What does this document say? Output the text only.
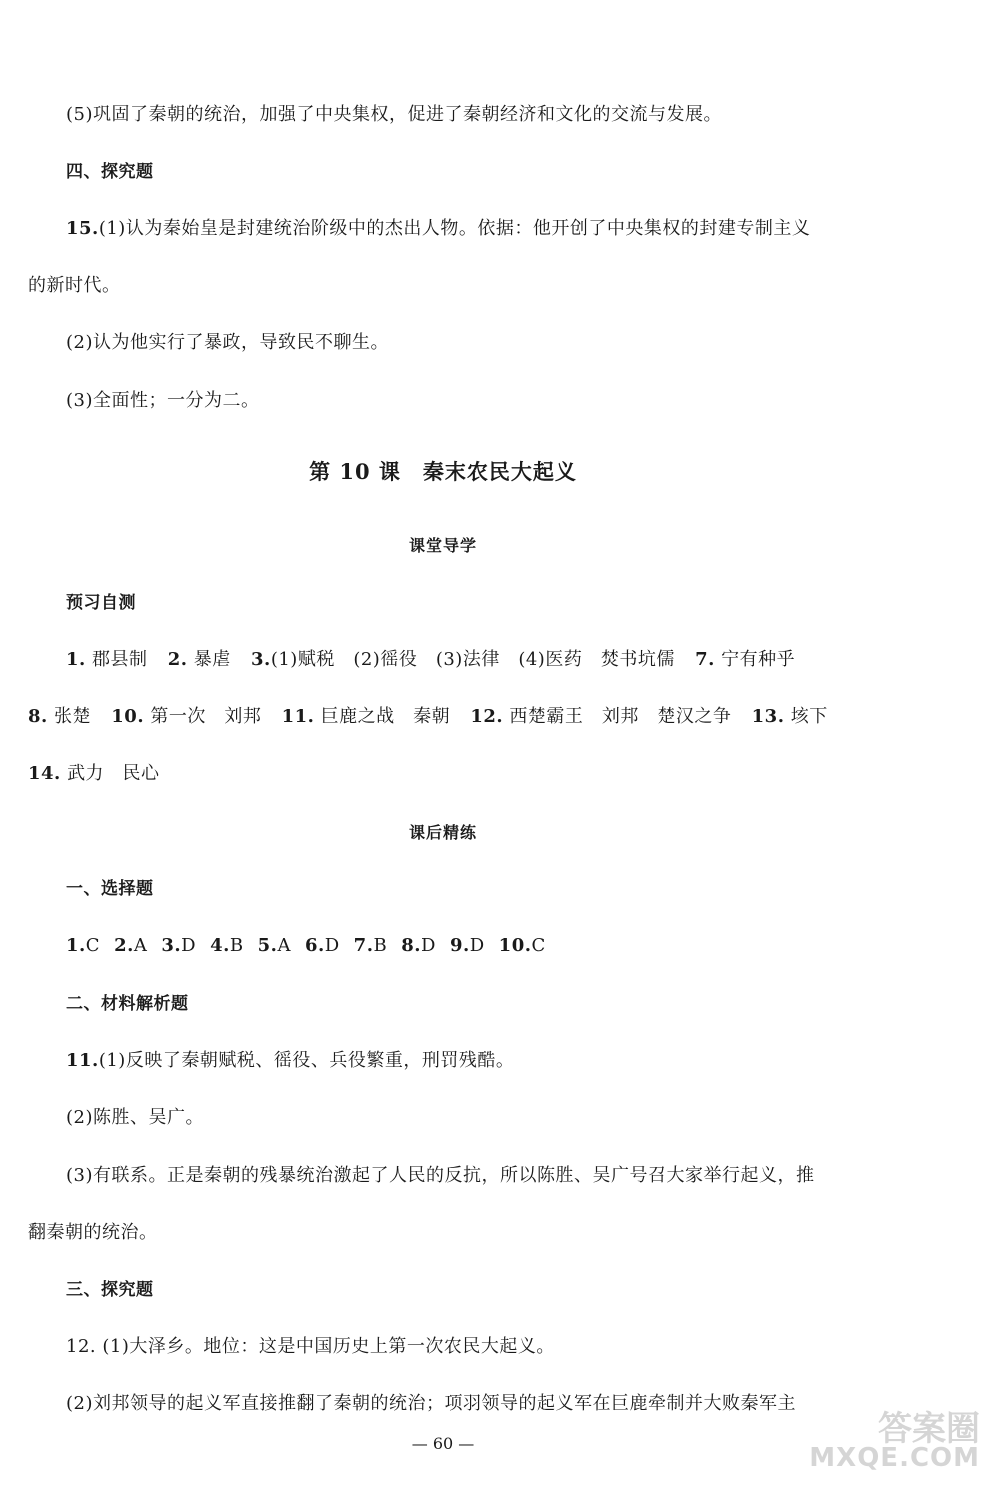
(5)巩固了秦朝的统治，加强了中央集权，促进了秦朝经济和文化的交流与发展。
四、探究题
15.(1)认为秦始皇是封建统治阶级中的杰出人物。依据：他开创了中央集权的封建专制主义
的新时代。
(2)认为他实行了暴政，导致民不聊生。
(3)全面性；一分为二。
第 10 课　秦末农民大起义
课堂导学
预习自测
1. 郡县制 2. 暴虐 3.(1)赋税　(2)徭役　(3)法律　(4)医药　焚书坑儒 7. 宁有种乎
8. 张楚 10. 第一次　刘邦 11. 巨鹿之战　秦朝 12. 西楚霸王　刘邦　楚汉之争 13. 垓下
14. 武力　民心
课后精练
一、选择题
1.C 2.A 3.D 4.B 5.A 6.D 7.B 8.D 9.D 10.C
二、材料解析题
11.(1)反映了秦朝赋税、徭役、兵役繁重，刑罚残酷。
(2)陈胜、吴广。
(3)有联系。正是秦朝的残暴统治激起了人民的反抗，所以陈胜、吴广号召大家举行起义，推
翻秦朝的统治。
三、探究题
12. (1)大泽乡。地位：这是中国历史上第一次农民大起义。
(2)刘邦领导的起义军直接推翻了秦朝的统治；项羽领导的起义军在巨鹿牵制并大败秦军主
— 60 —	答案圈
MXQE.COM
